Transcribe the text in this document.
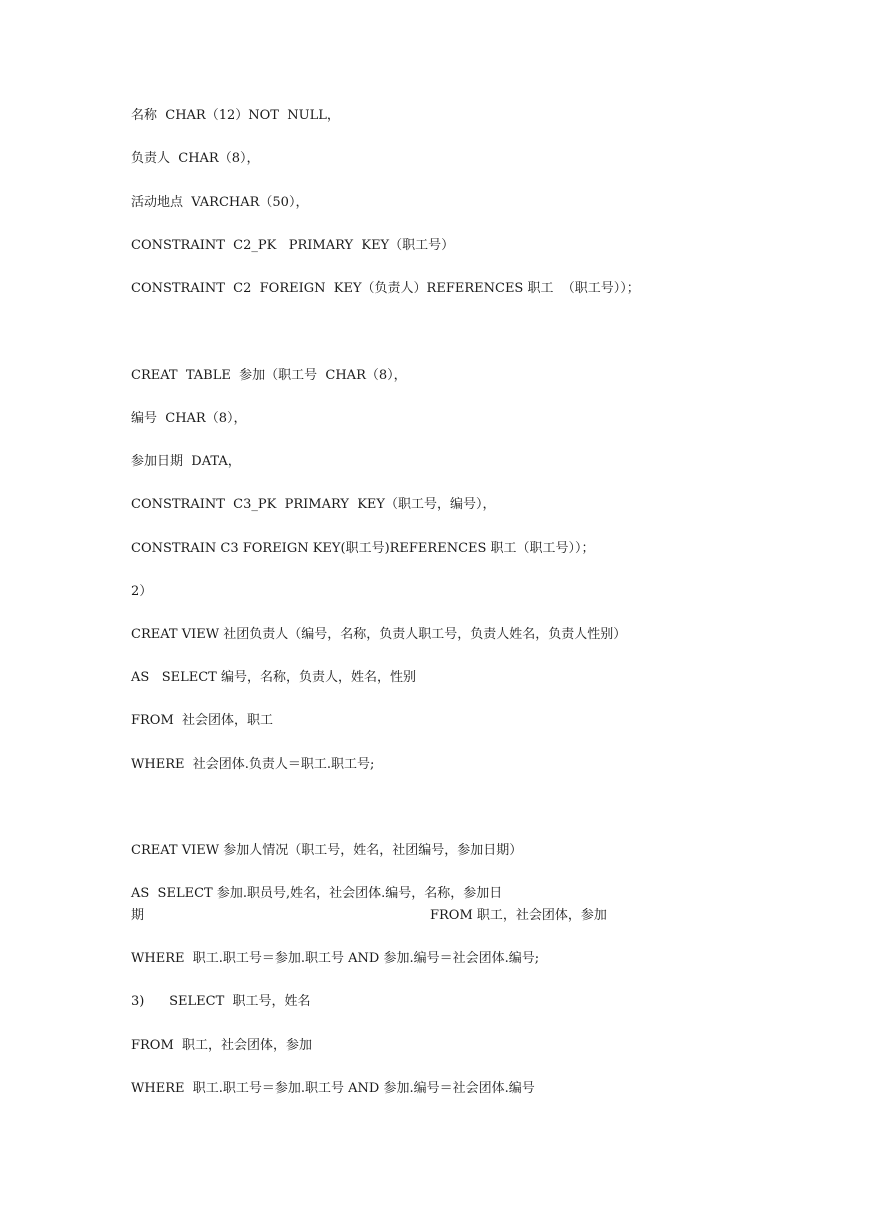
名称  CHAR（12）NOT  NULL，

负责人  CHAR（8），

活动地点  VARCHAR（50），

CONSTRAINT  C2_PK   PRIMARY  KEY（职工号）

CONSTRAINT  C2  FOREIGN  KEY（负责人）REFERENCES 职工  （职工号））；

CREAT  TABLE  参加（职工号  CHAR（8），

编号  CHAR（8），

参加日期  DATA，

CONSTRAINT  C3_PK  PRIMARY  KEY（职工号，编号），

CONSTRAIN C3 FOREIGN KEY(职工号)REFERENCES 职工（职工号））；

2）

CREAT VIEW 社团负责人（编号，名称，负责人职工号，负责人姓名，负责人性别）

AS   SELECT 编号，名称，负责人，姓名，性别

FROM  社会团体，职工

WHERE  社会团体.负责人＝职工.职工号;

CREAT VIEW 参加人情况（职工号，姓名，社团编号，参加日期）

AS  SELECT 参加.职员号,姓名，社会团体.编号，名称，参加日

期	FROM 职工，社会团体，参加

WHERE  职工.职工号＝参加.职工号 AND 参加.编号＝社会团体.编号;

3)      SELECT  职工号，姓名

FROM  职工，社会团体，参加

WHERE  职工.职工号＝参加.职工号 AND 参加.编号＝社会团体.编号
